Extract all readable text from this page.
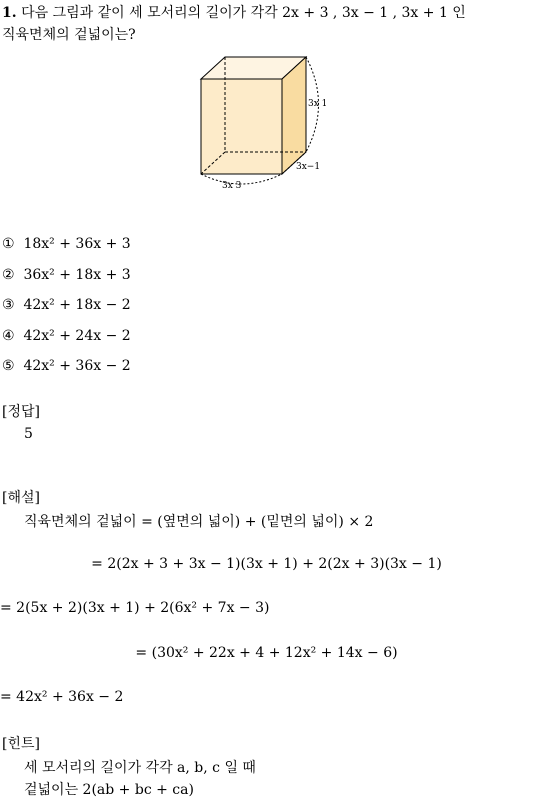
1. 다음 그림과 같이 세 모서리의 길이가 각각 2x + 3 , 3x − 1 , 3x + 1 인
직육면체의 겉넓이는?
3x 1
3x−1
3x 3
① 18x² + 36x + 3
② 36x² + 18x + 3
③ 42x² + 18x − 2
④ 42x² + 24x − 2
⑤ 42x² + 36x − 2
[정답]
5
[해설]
직육면체의 겉넓이 = (옆면의 넓이) + (밑면의 넓이) × 2
= 2(2x + 3 + 3x − 1)(3x + 1) + 2(2x + 3)(3x − 1)
= 2(5x + 2)(3x + 1) + 2(6x² + 7x − 3)
= (30x² + 22x + 4 + 12x² + 14x − 6)
= 42x² + 36x − 2
[힌트]
세 모서리의 길이가 각각 a, b, c 일 때
겉넓이는 2(ab + bc + ca)
